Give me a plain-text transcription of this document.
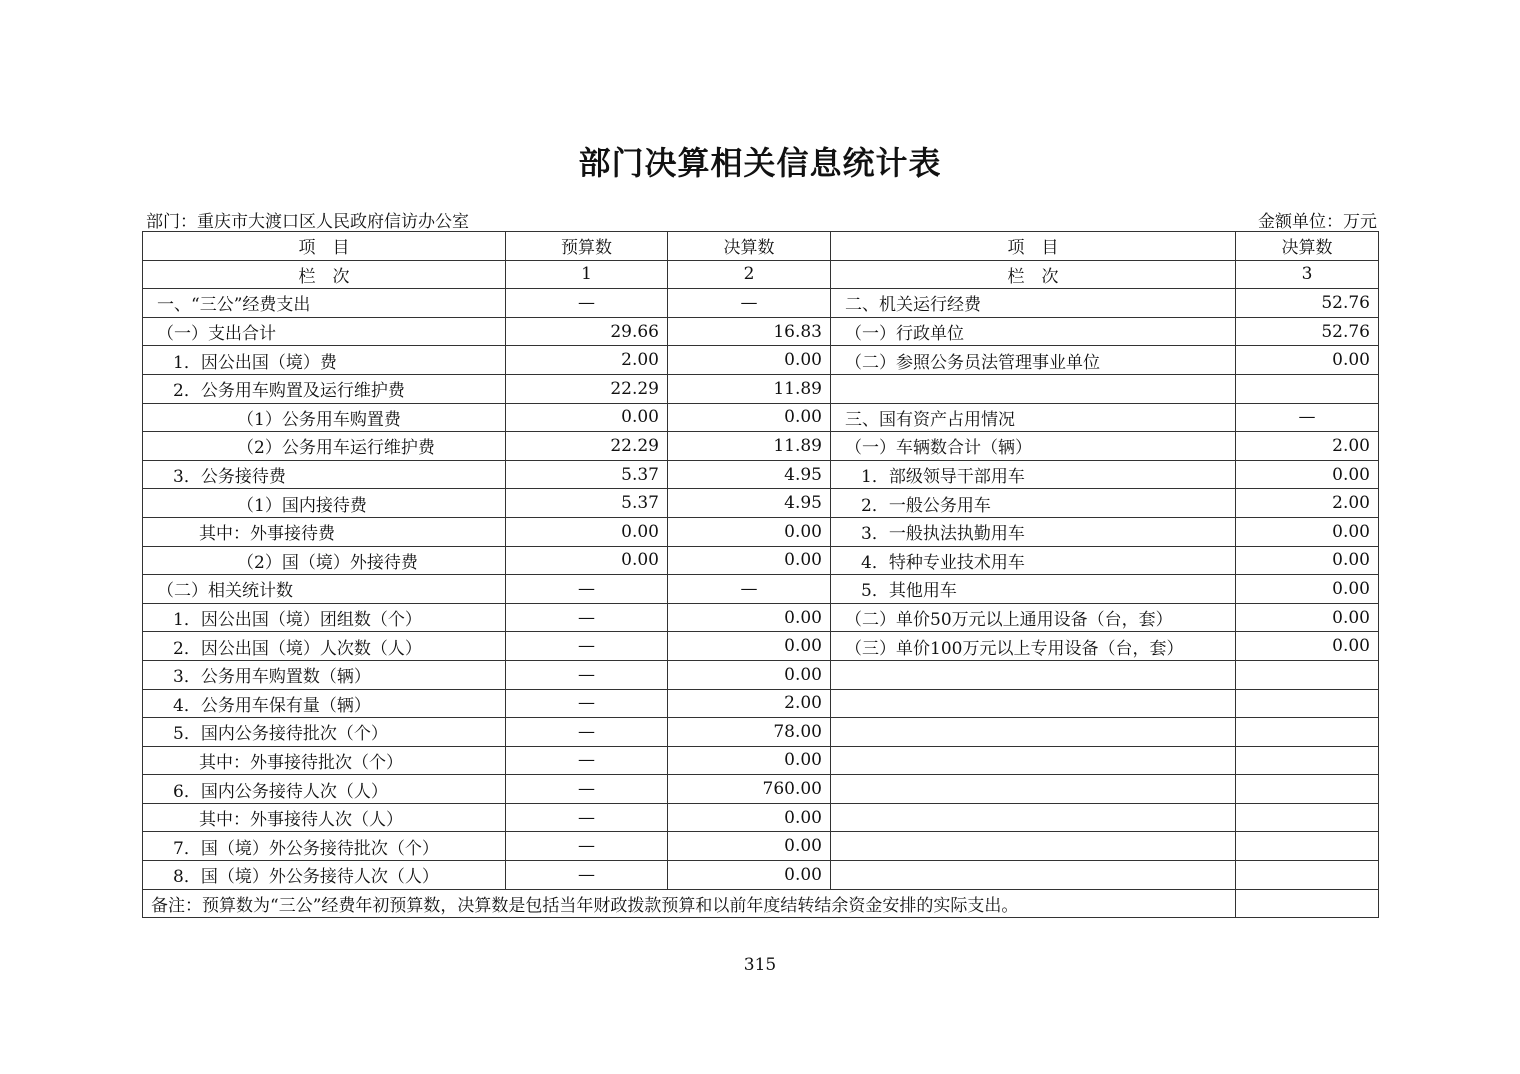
部门决算相关信息统计表
部门：重庆市大渡口区人民政府信访办公室	金额单位：万元
项　目	预算数	决算数	项　目	决算数
栏　次	1	2	栏　次	3
一、“三公”经费支出	—	—	二、机关运行经费	52.76
（一）支出合计	29.66	16.83	（一）行政单位	52.76
1．因公出国（境）费	2.00	0.00	（二）参照公务员法管理事业单位	0.00
2．公务用车购置及运行维护费	22.29	11.89		
（1）公务用车购置费	0.00	0.00	三、国有资产占用情况	—
（2）公务用车运行维护费	22.29	11.89	（一）车辆数合计（辆）	2.00
3．公务接待费	5.37	4.95	1．部级领导干部用车	0.00
（1）国内接待费	5.37	4.95	2．一般公务用车	2.00
其中：外事接待费	0.00	0.00	3．一般执法执勤用车	0.00
（2）国（境）外接待费	0.00	0.00	4．特种专业技术用车	0.00
（二）相关统计数	—	—	5．其他用车	0.00
1．因公出国（境）团组数（个）	—	0.00	（二）单价50万元以上通用设备（台，套）	0.00
2．因公出国（境）人次数（人）	—	0.00	（三）单价100万元以上专用设备（台，套）	0.00
3．公务用车购置数（辆）	—	0.00		
4．公务用车保有量（辆）	—	2.00		
5．国内公务接待批次（个）	—	78.00		
其中：外事接待批次（个）	—	0.00		
6．国内公务接待人次（人）	—	760.00		
其中：外事接待人次（人）	—	0.00		
7．国（境）外公务接待批次（个）	—	0.00		
8．国（境）外公务接待人次（人）	—	0.00		
备注：预算数为“三公”经费年初预算数，决算数是包括当年财政拨款预算和以前年度结转结余资金安排的实际支出。				
315
